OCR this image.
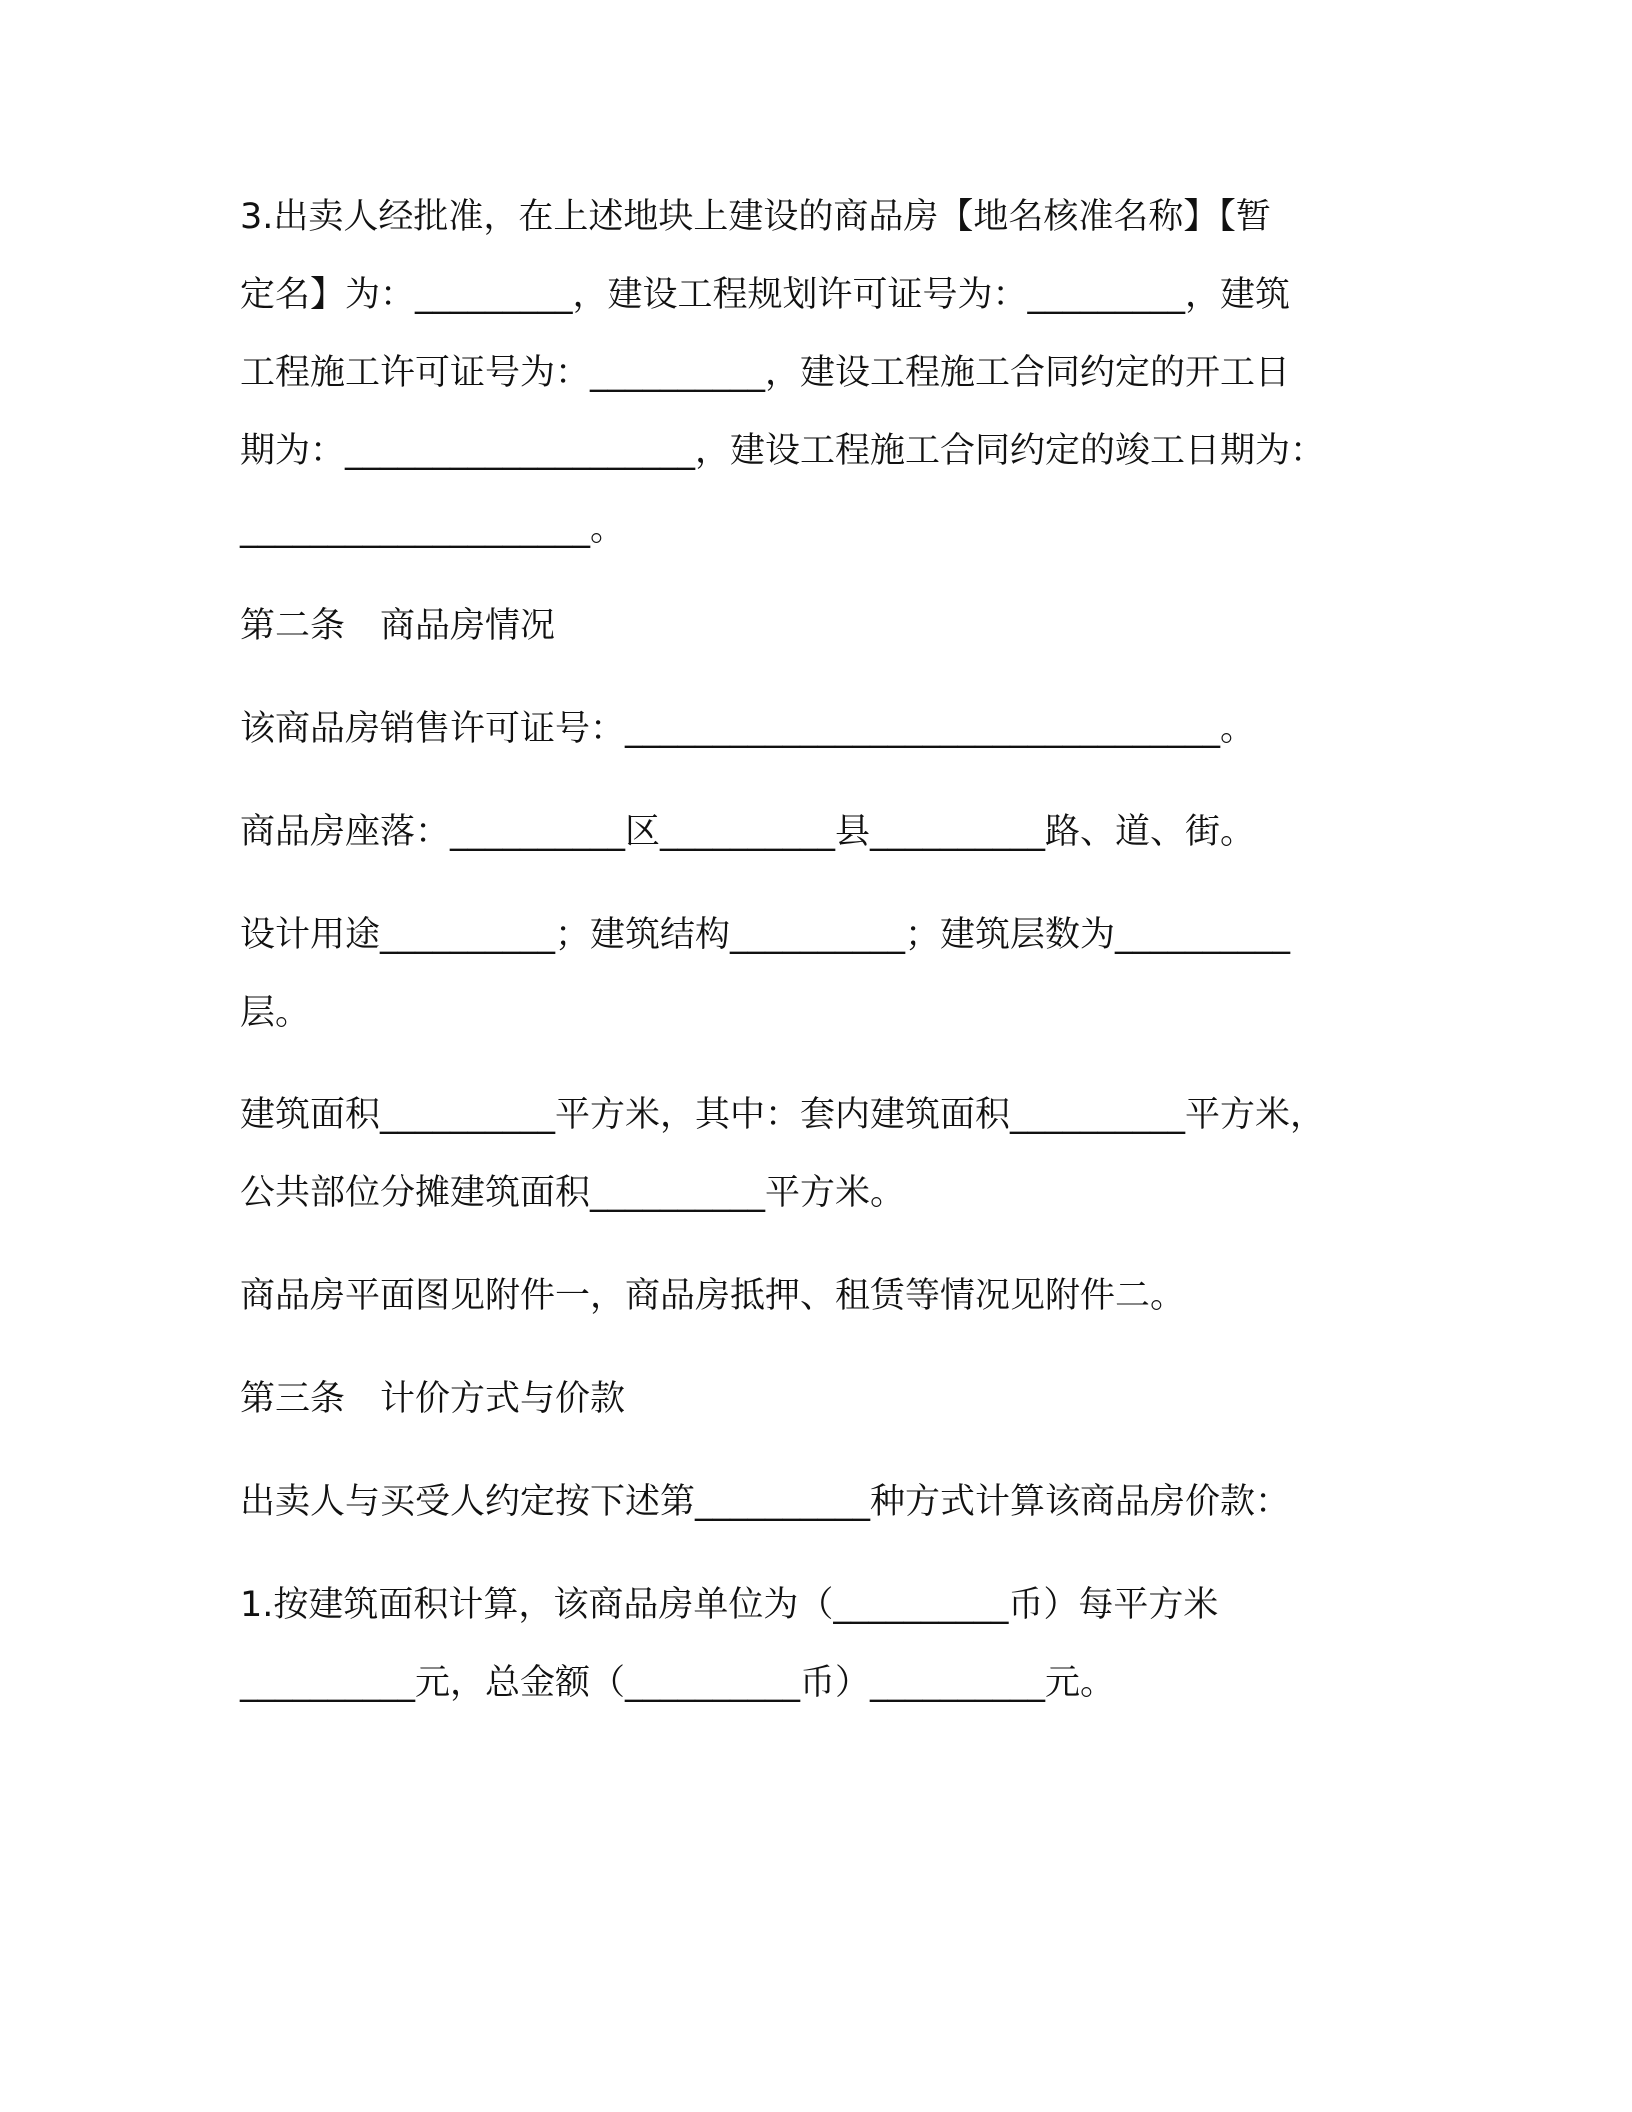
3.出卖人经批准，在上述地块上建设的商品房【地名核准名称】【暂
定名】为：_________，建设工程规划许可证号为：_________，建筑
工程施工许可证号为：__________，建设工程施工合同约定的开工日
期为：____________________，建设工程施工合同约定的竣工日期为：
____________________。

第二条　商品房情况

该商品房销售许可证号：__________________________________。

商品房座落：__________区__________县__________路、道、街。

设计用途__________；建筑结构__________；建筑层数为__________
层。

建筑面积__________平方米，其中：套内建筑面积__________平方米，
公共部位分摊建筑面积__________平方米。

商品房平面图见附件一，商品房抵押、租赁等情况见附件二。

第三条　计价方式与价款

出卖人与买受人约定按下述第__________种方式计算该商品房价款：

1.按建筑面积计算，该商品房单位为（__________币）每平方米
__________元，总金额（__________币）__________元。
